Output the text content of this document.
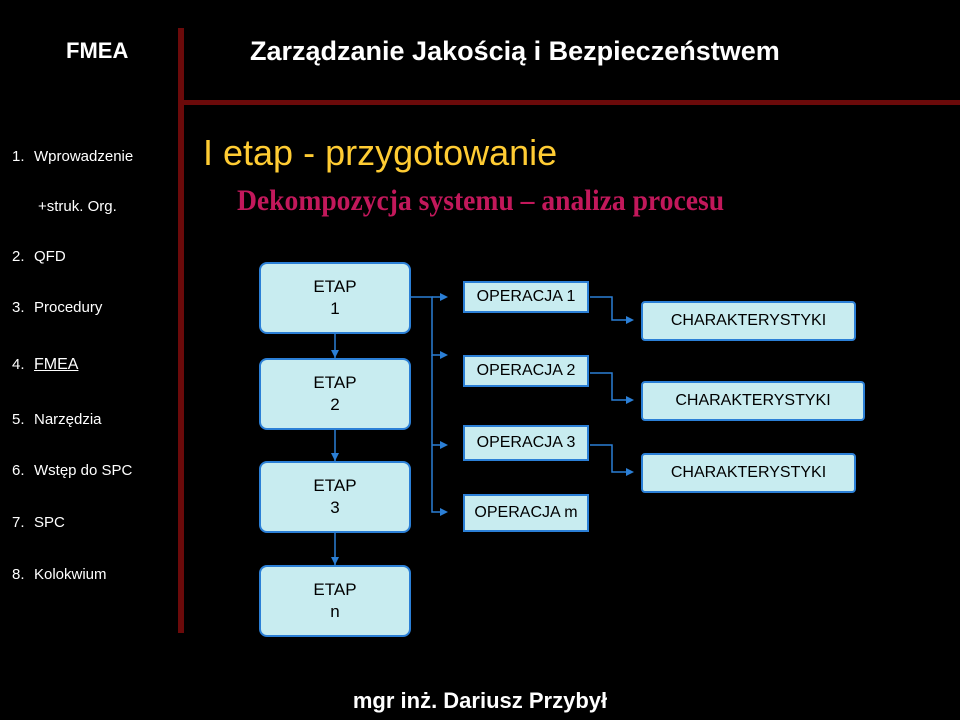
FMEA	Zarządzanie Jakością i Bezpieczeństwem
1. Wprowadzenie
+struk. Org.
2. QFD
3. Procedury
4. FMEA
5. Narzędzia
6. Wstęp do SPC
7. SPC
8. Kolokwium
I etap - przygotowanie
Dekompozycja systemu – analiza procesu
ETAP
1
ETAP
2
ETAP
3
ETAP
n
OPERACJA 1
OPERACJA 2
OPERACJA 3
OPERACJA m
CHARAKTERYSTYKI
CHARAKTERYSTYKI
CHARAKTERYSTYKI
mgr inż. Dariusz Przybył
